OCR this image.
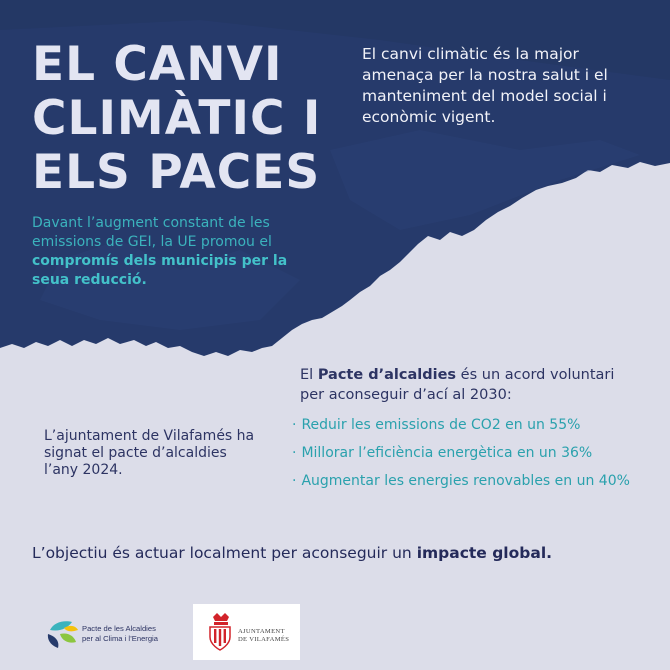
EL CANVI
CLIMÀTIC I
ELS PACES
El canvi climàtic és la major amenaça per la nostra salut i el manteniment del model social i econòmic vigent.
Davant l’augment constant de les emissions de GEI, la UE promou el compromís dels municipis per la seua reducció.
El Pacte d’alcaldies és un acord voluntari per aconseguir d’ací al 2030:
· Reduir les emissions de CO2 en un 55%
· Millorar l’eficiència energètica en un 36%
· Augmentar les energies renovables en un 40%
L’ajuntament de Vilafamés ha signat el pacte d’alcaldies l’any 2024.
L’objectiu és actuar localment per aconseguir un impacte global.
Pacte de les Alcaldies
per al Clima i l’Energia
AJUNTAMENT
DE VILAFAMÉS
